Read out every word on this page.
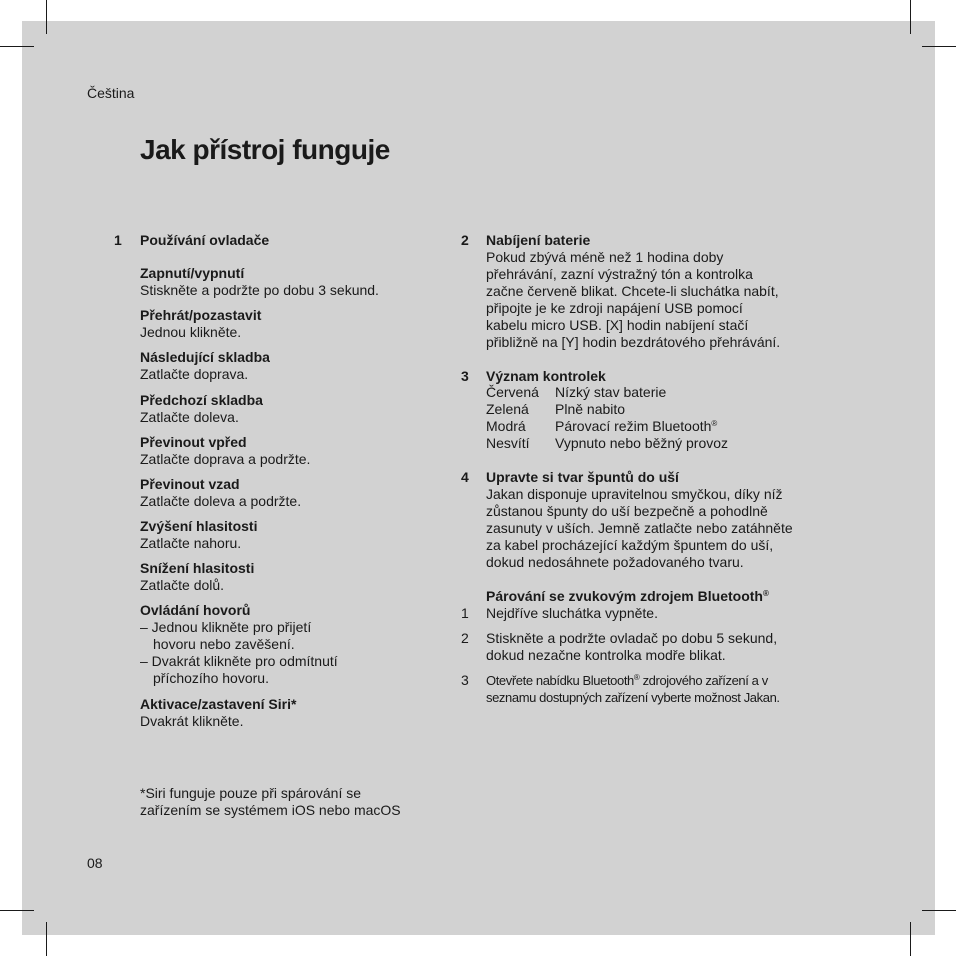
Čeština
Jak přístroj funguje
08
1 Používání ovladače
Zapnutí/vypnutí
Stiskněte a podržte po dobu 3 sekund.
Přehrát/pozastavit
Jednou klikněte.
Následující skladba
Zatlačte doprava.
Předchozí skladba
Zatlačte doleva.
Převinout vpřed
Zatlačte doprava a podržte.
Převinout vzad
Zatlačte doleva a podržte.
Zvýšení hlasitosti
Zatlačte nahoru.
Snížení hlasitosti
Zatlačte dolů.
Ovládání hovorů
– Jednou klikněte pro přijetí
hovoru nebo zavěšení.
– Dvakrát klikněte pro odmítnutí
příchozího hovoru.
Aktivace/zastavení Siri*
Dvakrát klikněte.
*Siri funguje pouze při spárování se
zařízením se systémem iOS nebo macOS
2 Nabíjení baterie
Pokud zbývá méně než 1 hodina doby
přehrávání, zazní výstražný tón a kontrolka
začne červeně blikat. Chcete-li sluchátka nabít,
připojte je ke zdroji napájení USB pomocí
kabelu micro USB. [X] hodin nabíjení stačí
přibližně na [Y] hodin bezdrátového přehrávání.
3 Význam kontrolek
Červená	Nízký stav baterie
Zelená	Plně nabito
Modrá	Párovací režim Bluetooth®
Nesvítí	Vypnuto nebo běžný provoz
4 Upravte si tvar špuntů do uší
Jakan disponuje upravitelnou smyčkou, díky níž
zůstanou špunty do uší bezpečně a pohodlně
zasunuty v uších. Jemně zatlačte nebo zatáhněte
za kabel procházející každým špuntem do uší,
dokud nedosáhnete požadovaného tvaru.
Párování se zvukovým zdrojem Bluetooth®
1 Nejdříve sluchátka vypněte.
2 Stiskněte a podržte ovladač po dobu 5 sekund,
dokud nezačne kontrolka modře blikat.
3 Otevřete nabídku Bluetooth® zdrojového zařízení a v
seznamu dostupných zařízení vyberte možnost Jakan.
